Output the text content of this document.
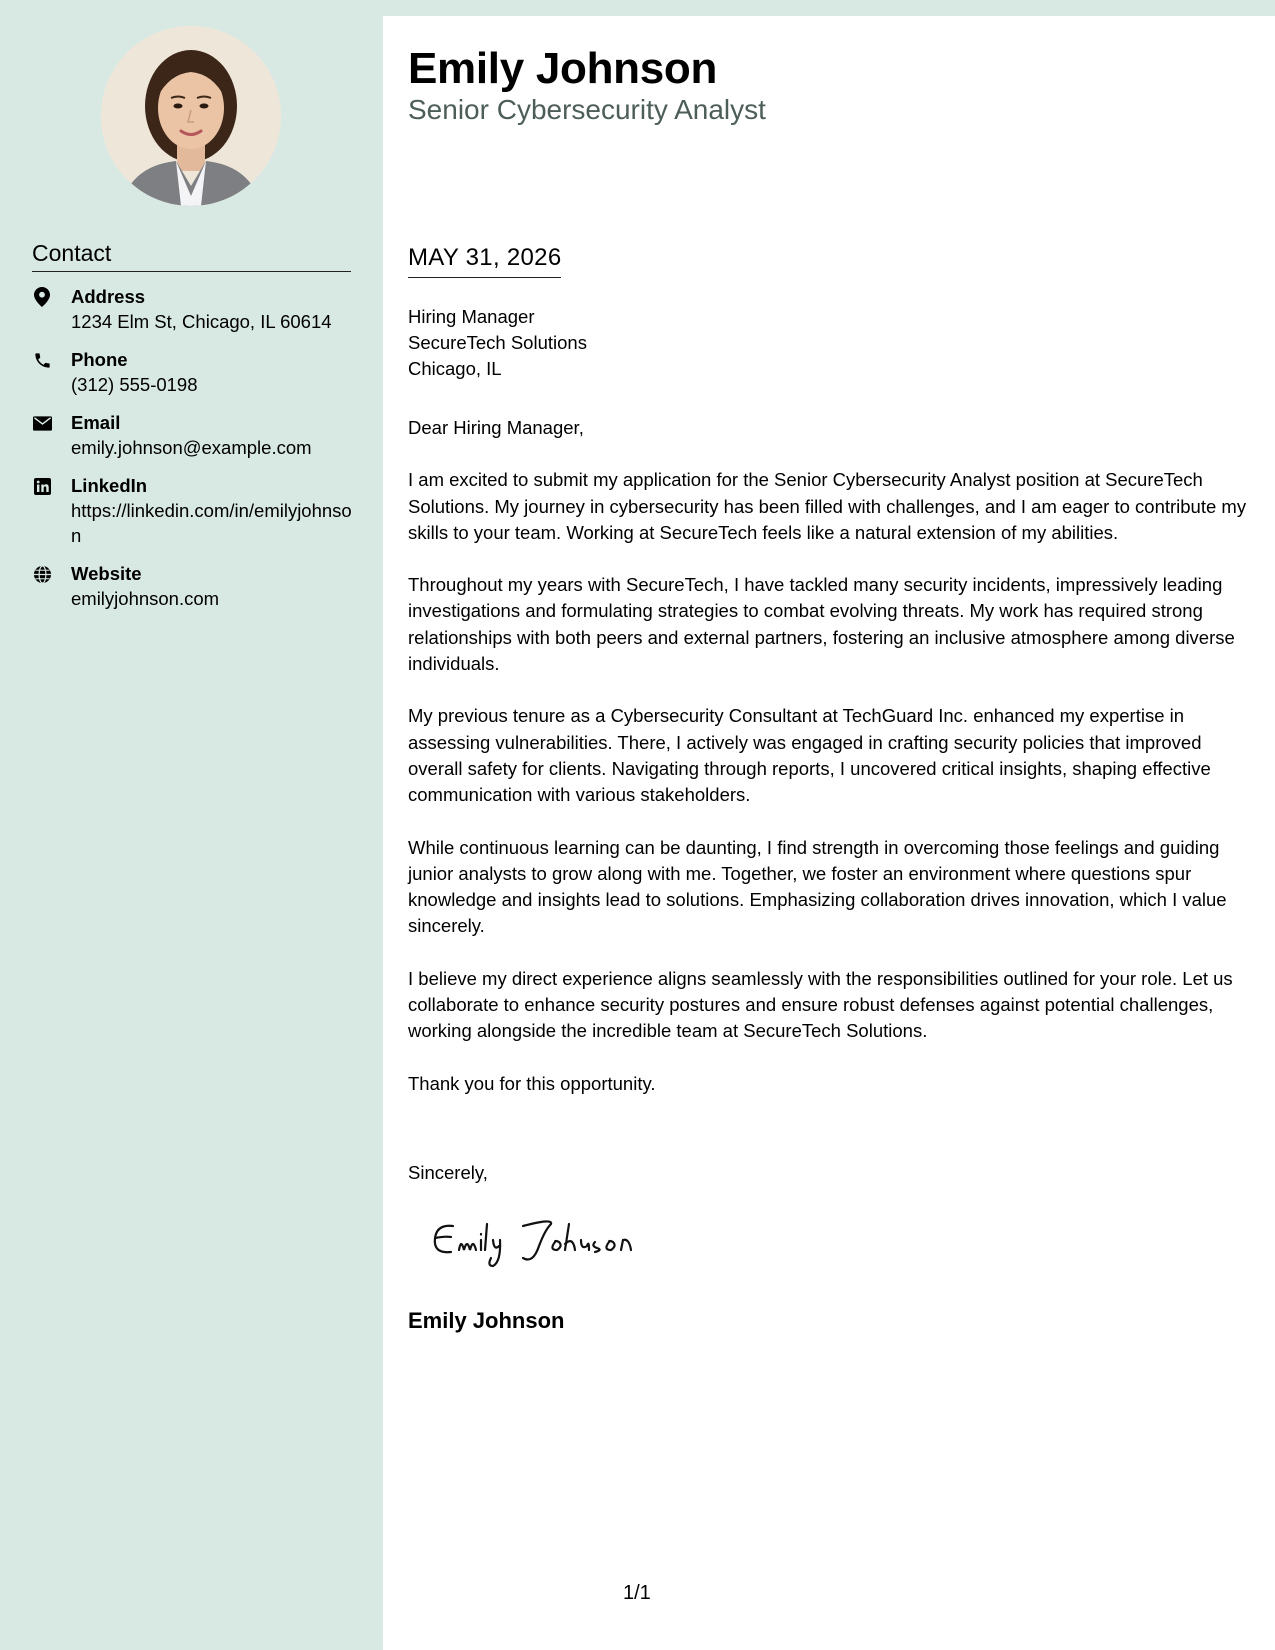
Contact
Address
1234 Elm St, Chicago, IL 60614
Phone
(312) 555-0198
Email
emily.johnson@example.com
LinkedIn
https://linkedin.com/in/emilyjohnson
Website
emilyjohnson.com
Emily Johnson
Senior Cybersecurity Analyst
MAY 31, 2026
Hiring Manager
SecureTech Solutions
Chicago, IL

Dear Hiring Manager,

I am excited to submit my application for the Senior Cybersecurity Analyst position at SecureTech Solutions. My journey in cybersecurity has been filled with challenges, and I am eager to contribute my skills to your team. Working at SecureTech feels like a natural extension of my abilities.

Throughout my years with SecureTech, I have tackled many security incidents, impressively leading investigations and formulating strategies to combat evolving threats. My work has required strong relationships with both peers and external partners, fostering an inclusive atmosphere among diverse individuals.

My previous tenure as a Cybersecurity Consultant at TechGuard Inc. enhanced my expertise in assessing vulnerabilities. There, I actively was engaged in crafting security policies that improved overall safety for clients. Navigating through reports, I uncovered critical insights, shaping effective communication with various stakeholders.

While continuous learning can be daunting, I find strength in overcoming those feelings and guiding junior analysts to grow along with me. Together, we foster an environment where questions spur knowledge and insights lead to solutions. Emphasizing collaboration drives innovation, which I value sincerely.

I believe my direct experience aligns seamlessly with the responsibilities outlined for your role. Let us collaborate to enhance security postures and ensure robust defenses against potential challenges, working alongside the incredible team at SecureTech Solutions.

Thank you for this opportunity.

Sincerely,
Emily Johnson
1/1
